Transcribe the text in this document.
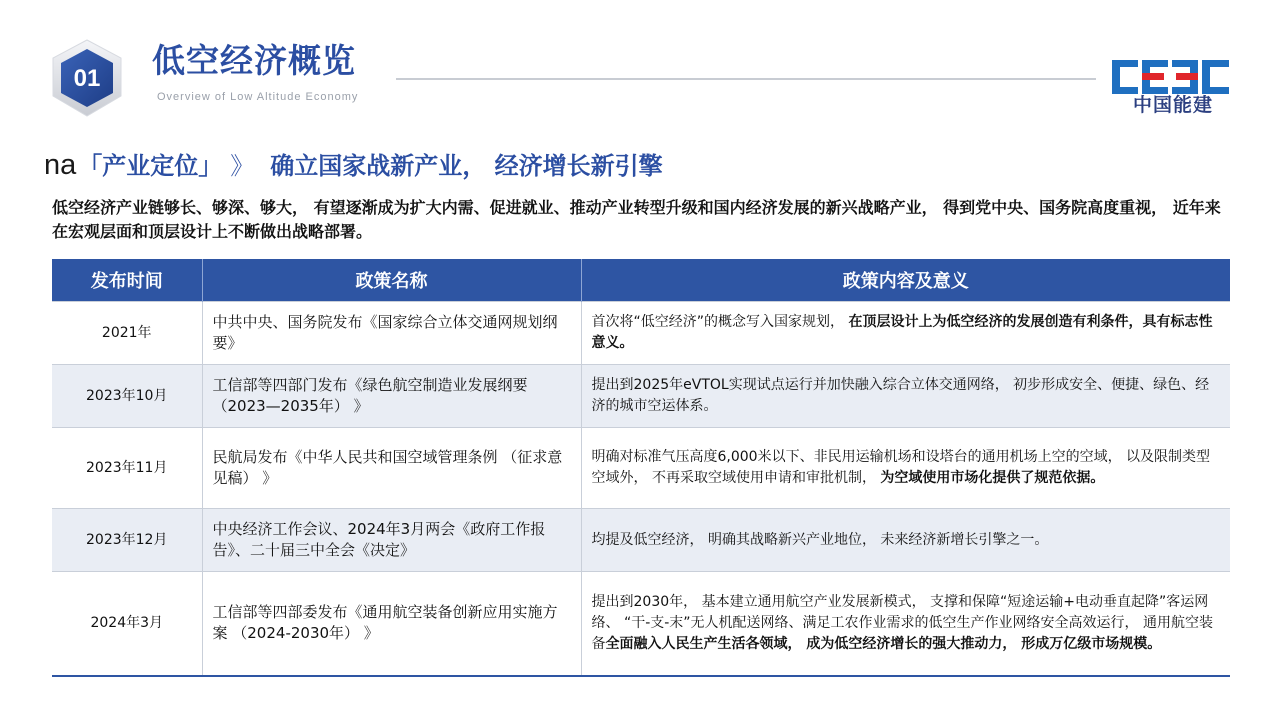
01 低空经济概览
Overview of Low Altitude Economy	中国能建
na 「产业定位」 》 确立国家战新产业， 经济增长新引擎
低空经济产业链够长、够深、够大， 有望逐渐成为扩大内需、促进就业、推动产业转型升级和国内经济发展的新兴战略产业， 得到党中央、国务院高度重视， 近年来在宏观层面和顶层设计上不断做出战略部署。
发布时间	政策名称	政策内容及意义
2021年	中共中央、国务院发布《国家综合立体交通网规划纲要》	首次将“低空经济”的概念写入国家规划， 在顶层设计上为低空经济的发展创造有利条件，具有标志性意义。
2023年10月	工信部等四部门发布《绿色航空制造业发展纲要 （2023—2035年） 》	提出到2025年eVTOL实现试点运行并加快融入综合立体交通网络， 初步形成安全、便捷、绿色、经济的城市空运体系。
2023年11月	民航局发布《中华人民共和国空域管理条例 （征求意见稿） 》	明确对标准气压高度6,000米以下、非民用运输机场和设塔台的通用机场上空的空域， 以及限制类型空域外， 不再采取空域使用申请和审批机制， 为空域使用市场化提供了规范依据。
2023年12月	中央经济工作会议、2024年3月两会《政府工作报告》、二十届三中全会《决定》	均提及低空经济， 明确其战略新兴产业地位， 未来经济新增长引擎之一。
2024年3月	工信部等四部委发布《通用航空装备创新应用实施方案 （2024-2030年） 》	提出到2030年， 基本建立通用航空产业发展新模式， 支撑和保障“短途运输+电动垂直起降”客运网络、 “干-支-末”无人机配送网络、满足工农作业需求的低空生产作业网络安全高效运行， 通用航空装备全面融入人民生产生活各领域， 成为低空经济增长的强大推动力， 形成万亿级市场规模。
